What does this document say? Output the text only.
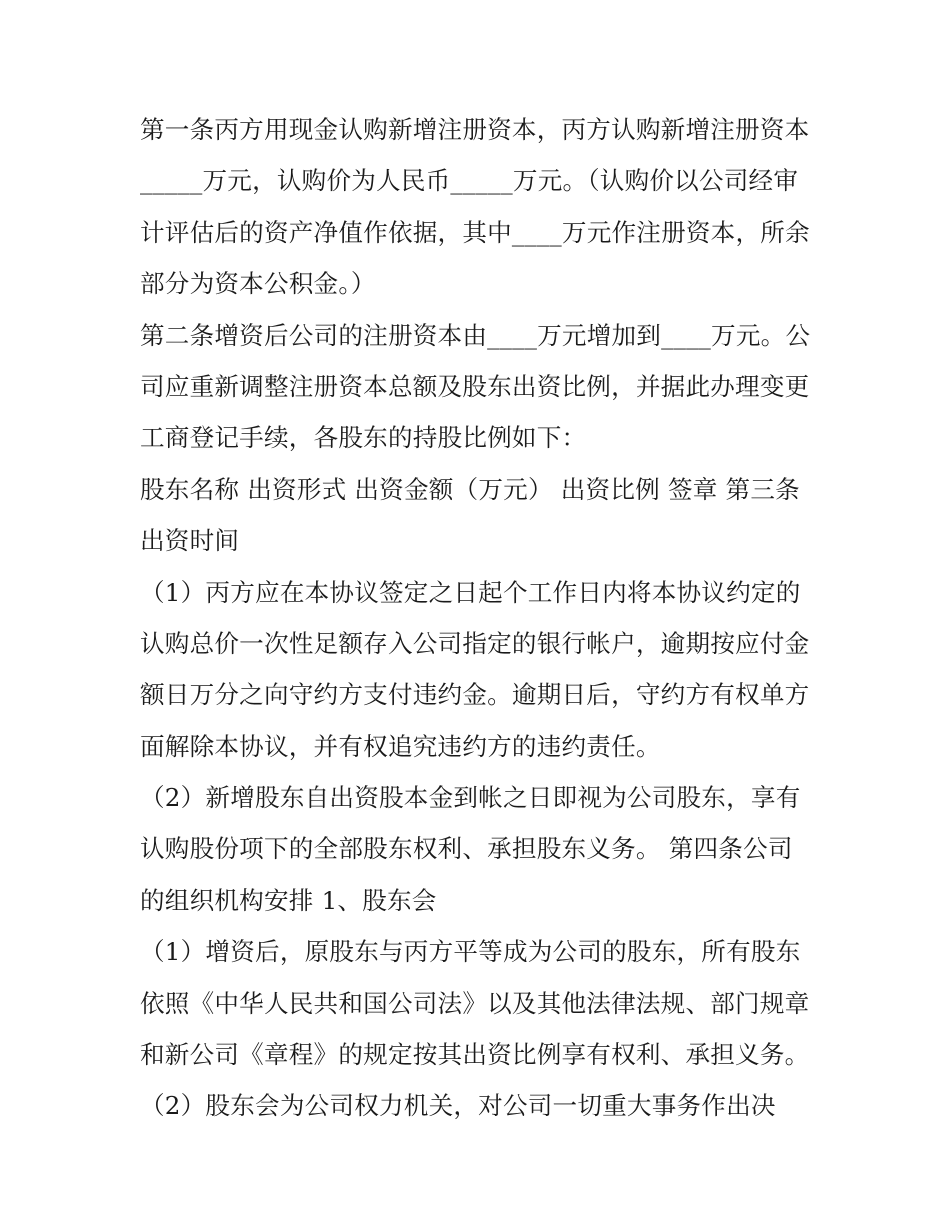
第一条丙方用现金认购新增注册资本，丙方认购新增注册资本
_____万元，认购价为人民币_____万元。（认购价以公司经审
计评估后的资产净值作依据，其中____万元作注册资本，所余
部分为资本公积金。）
第二条增资后公司的注册资本由____万元增加到____万元。公
司应重新调整注册资本总额及股东出资比例，并据此办理变更
工商登记手续，各股东的持股比例如下：
股东名称 出资形式 出资金额（万元） 出资比例 签章 第三条
出资时间
（1）丙方应在本协议签定之日起个工作日内将本协议约定的
认购总价一次性足额存入公司指定的银行帐户，逾期按应付金
额日万分之向守约方支付违约金。逾期日后，守约方有权单方
面解除本协议，并有权追究违约方的违约责任。
（2）新增股东自出资股本金到帐之日即视为公司股东，享有
认购股份项下的全部股东权利、承担股东义务。 第四条公司
的组织机构安排 1、股东会
（1）增资后，原股东与丙方平等成为公司的股东，所有股东
依照《中华人民共和国公司法》以及其他法律法规、部门规章
和新公司《章程》的规定按其出资比例享有权利、承担义务。
（2）股东会为公司权力机关，对公司一切重大事务作出决
